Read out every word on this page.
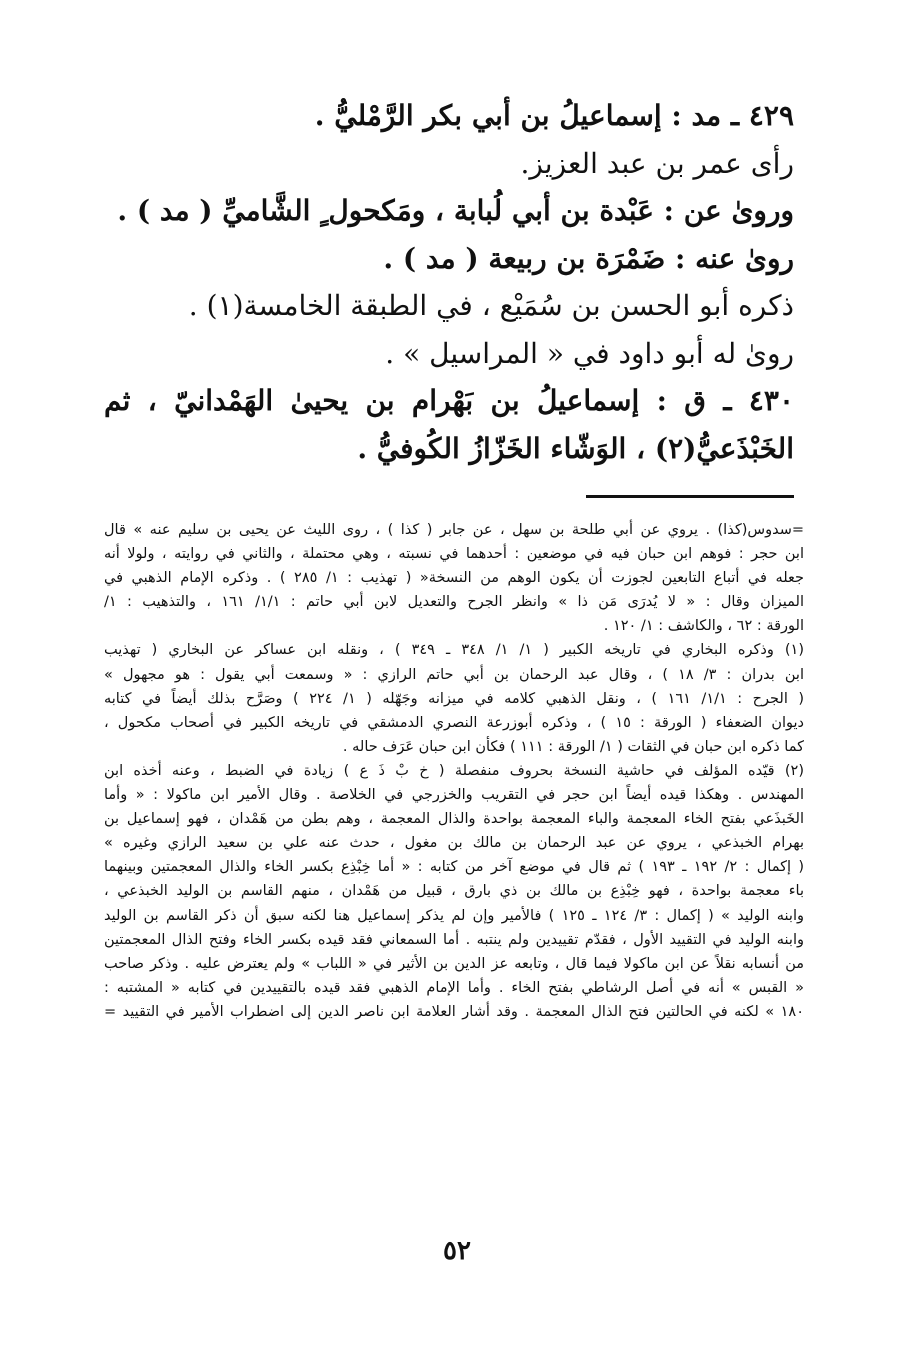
٤٢٩ ـ مد : إسماعيلُ بن أبي بكر الرَّمْليُّ .

رأى عمر بن عبد العزيز.

وروىٰ عن : عَبْدة بن أبي لُبابة ، ومَكحول ٍ الشَّاميِّ ( مد ) .

روىٰ عنه : ضَمْرَة بن ربيعة ( مد ) .

ذكره أبو الحسن بن سُمَيْع ، في الطبقة الخامسة(١) .

روىٰ له أبو داود في « المراسيل » .

٤٣٠ ـ ق : إسماعيلُ بن بَهْرام بن يحيىٰ الهَمْدانيّ ، ثم

الخَبْذَعيُّ(٢) ، الوَشّاء الخَزّازُ الكُوفيُّ .

=سدوس(كذا) . يروي عن أبي طلحة بن سهل ، عن جابر ( كذا ) ، روى الليث عن يحيى بن سليم عنه » قال

ابن حجر : فوهم ابن حبان فيه في موضعين : أحدهما في نسبته ، وهي محتملة ، والثاني في روايته ، ولولا أنه

جعله في أتباع التابعين لجوزت أن يكون الوهم من النسخة« ( تهذيب : ١/ ٢٨٥ ) . وذكره الإمام الذهبي في

الميزان وقال : « لا يُدرَى مَن ذا » وانظر الجرح والتعديل لابن أبي حاتم : ١/١/ ١٦١ ، والتذهيب : ١/

الورقة : ٦٢ ، والكاشف : ١/ ١٢٠ .

(١) وذكره البخاري في تاريخه الكبير ( ١/ ١/ ٣٤٨ ـ ٣٤٩ ) ، ونقله ابن عساكر عن البخاري ( تهذيب

ابن بدران : ٣/ ١٨ ) ، وقال عبد الرحمان بن أبي حاتم الرازي : « وسمعت أبي يقول : هو مجهول »

( الجرح : ١/١/ ١٦١ ) ، ونقل الذهبي كلامه في ميزانه وجَهّله ( ١/ ٢٢٤ ) وصَرَّح بذلك أيضاً في كتابه

ديوان الضعفاء ( الورقة : ١٥ ) ، وذكره أبوزرعة النصري الدمشقي في تاريخه الكبير في أصحاب مكحول ،

كما ذكره ابن حبان في الثقات ( ١/ الورقة : ١١١ ) فكأن ابن حبان عَرَف حاله .

(٢) قيّده المؤلف في حاشية النسخة بحروف منفصلة ( خ بْ ذَ ع ) زيادة في الضبط ، وعنه أخذه ابن

المهندس . وهكذا قيده أيضاً ابن حجر في التقريب والخزرجي في الخلاصة . وقال الأمير ابن ماكولا : « وأما

الخَبذَعي بفتح الخاء المعجمة والباء المعجمة بواحدة والذال المعجمة ، وهم بطن من هَمْدان ، فهو إسماعيل بن

بهرام الخبذعي ، يروي عن عبد الرحمان بن مالك بن مغول ، حدث عنه علي بن سعيد الرازي وغيره »

( إكمال : ٢/ ١٩٢ ـ ١٩٣ ) ثم قال في موضع آخر من كتابه : « أما خِبْذِع بكسر الخاء والذال المعجمتين وبينهما

باء معجمة بواحدة ، فهو خِبْذِع بن مالك بن ذي بارق ، قبيل من هَمْدان ، منهم القاسم بن الوليد الخبذعي ،

وابنه الوليد » ( إكمال : ٣/ ١٢٤ ـ ١٢٥ ) فالأمير وإن لم يذكر إسماعيل هنا لكنه سبق أن ذكر القاسم بن الوليد

وابنه الوليد في التقييد الأول ، فقدّم تقييدين ولم ينتبه . أما السمعاني فقد قيده بكسر الخاء وفتح الذال المعجمتين

من أنسابه نقلاً عن ابن ماكولا فيما قال ، وتابعه عز الدين بن الأثير في « اللباب » ولم يعترض عليه . وذكر صاحب

« القبس » أنه في أصل الرشاطي بفتح الخاء . وأما الإمام الذهبي فقد قيده بالتقييدين في كتابه « المشتبه :

١٨٠ » لكنه في الحالتين فتح الذال المعجمة . وقد أشار العلامة ابن ناصر الدين إلى اضطراب الأمير في التقييد =

٥٢
